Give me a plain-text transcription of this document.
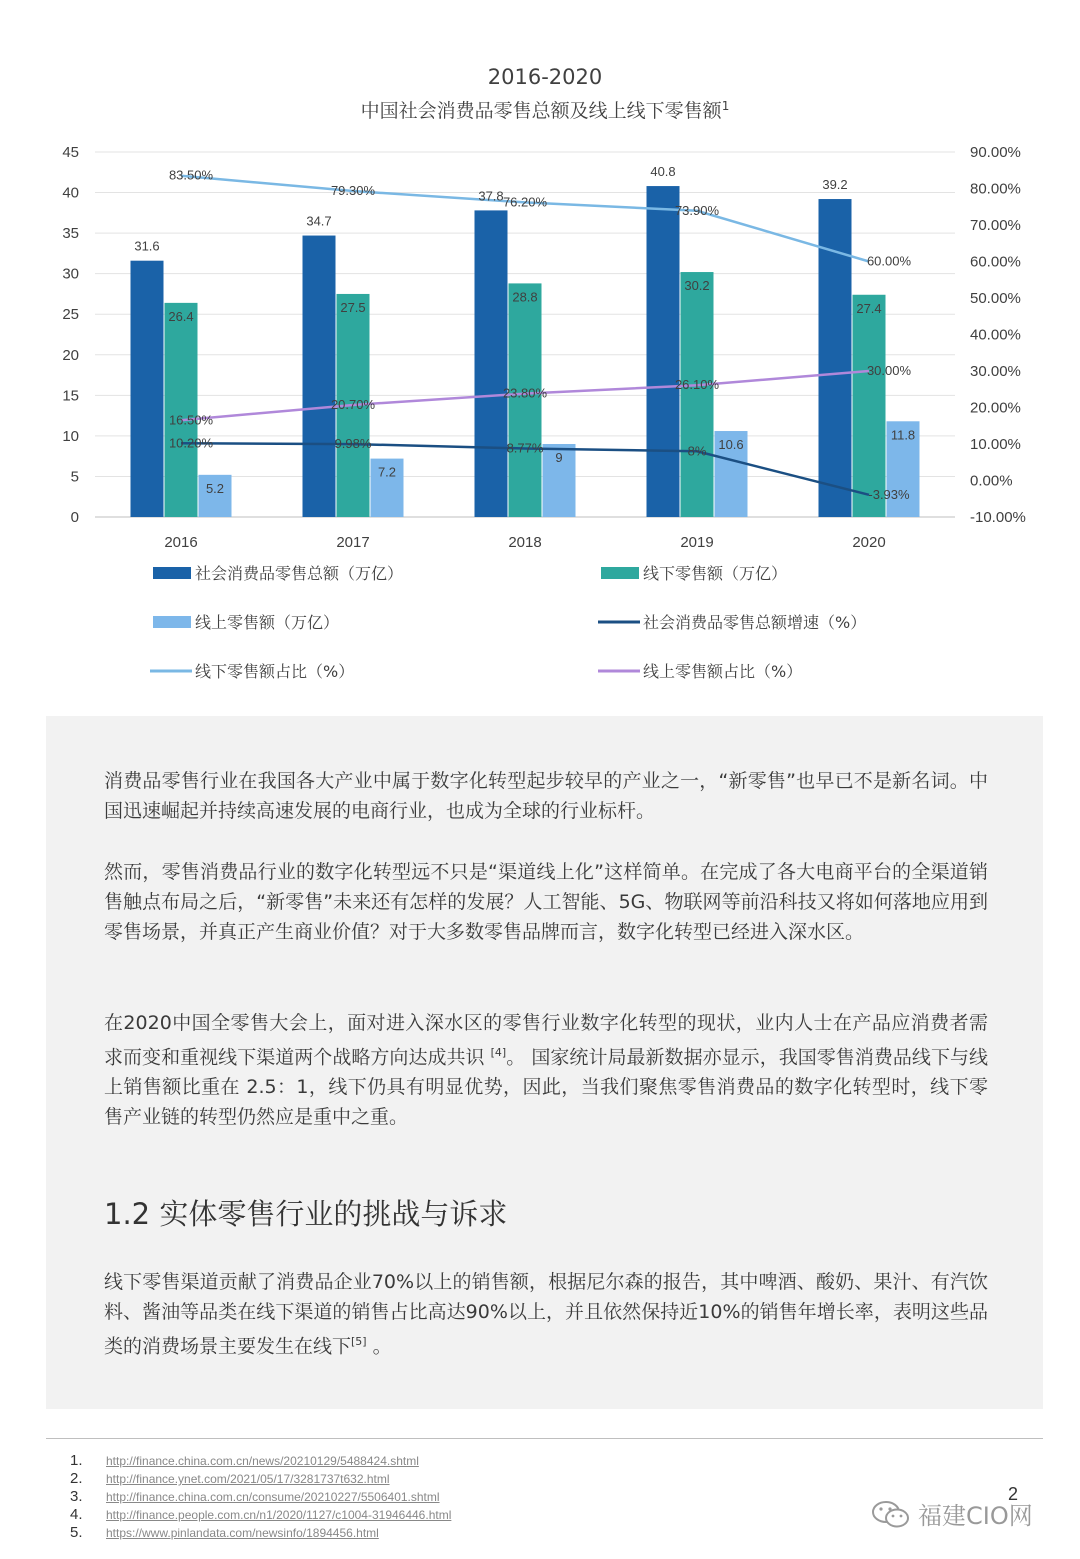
2016-2020
中国社会消费品零售总额及线上线下零售额$^1$
0
5
10
15
20
25
30
35
40
45
-10.00%
0.00%
10.00%
20.00%
30.00%
40.00%
50.00%
60.00%
70.00%
80.00%
90.00%
2016	2017	2018	2019	2020
31.6
34.7
37.8
40.8
39.2
26.4
27.5
28.8
30.2
27.4
5.2
7.2
9
10.6
11.8
10.20%	9.98%	8.77%	8%
-3.93%
83.50%
79.30%
76.20%
73.90%
60.00%
16.50%
20.70%
23.80%
26.10%
30.00%
社会消费品零售总额（万亿）	线下零售额（万亿）
线上零售额（万亿）	社会消费品零售总额增速（%）
线下零售额占比（%）	线上零售额占比（%）

消费品零售行业在我国各大产业中属于数字化转型起步较早的产业之一，“新零售”也早已不是新名词。中国迅速崛起并持续高速发展的电商行业，也成为全球的行业标杆。

然而，零售消费品行业的数字化转型远不只是“渠道线上化”这样简单。在完成了各大电商平台的全渠道销售触点布局之后，“新零售”未来还有怎样的发展？人工智能、5G、物联网等前沿科技又将如何落地应用到零售场景，并真正产生商业价值？对于大多数零售品牌而言，数字化转型已经进入深水区。

在2020中国全零售大会上，面对进入深水区的零售行业数字化转型的现状，业内人士在产品应消费者需求而变和重视线下渠道两个战略方向达成共识 [4]。 国家统计局最新数据亦显示，我国零售消费品线下与线上销售额比重在 2.5：1，线下仍具有明显优势，因此，当我们聚焦零售消费品的数字化转型时，线下零售产业链的转型仍然应是重中之重。

1.2 实体零售行业的挑战与诉求

线下零售渠道贡献了消费品企业70%以上的销售额，根据尼尔森的报告，其中啤酒、酸奶、果汁、有汽饮料、酱油等品类在线下渠道的销售占比高达90%以上，并且依然保持近10%的销售年增长率，表明这些品类的消费场景主要发生在线下[5] 。

1.	http://finance.china.com.cn/news/20210129/5488424.shtml
2.	http://finance.ynet.com/2021/05/17/3281737t632.html
3.	http://finance.china.com.cn/consume/20210227/5506401.shtml
4.	http://finance.people.com.cn/n1/2020/1127/c1004-31946446.html
5.	https://www.pinlandata.com/newsinfo/1894456.html
2
福建CIO网
